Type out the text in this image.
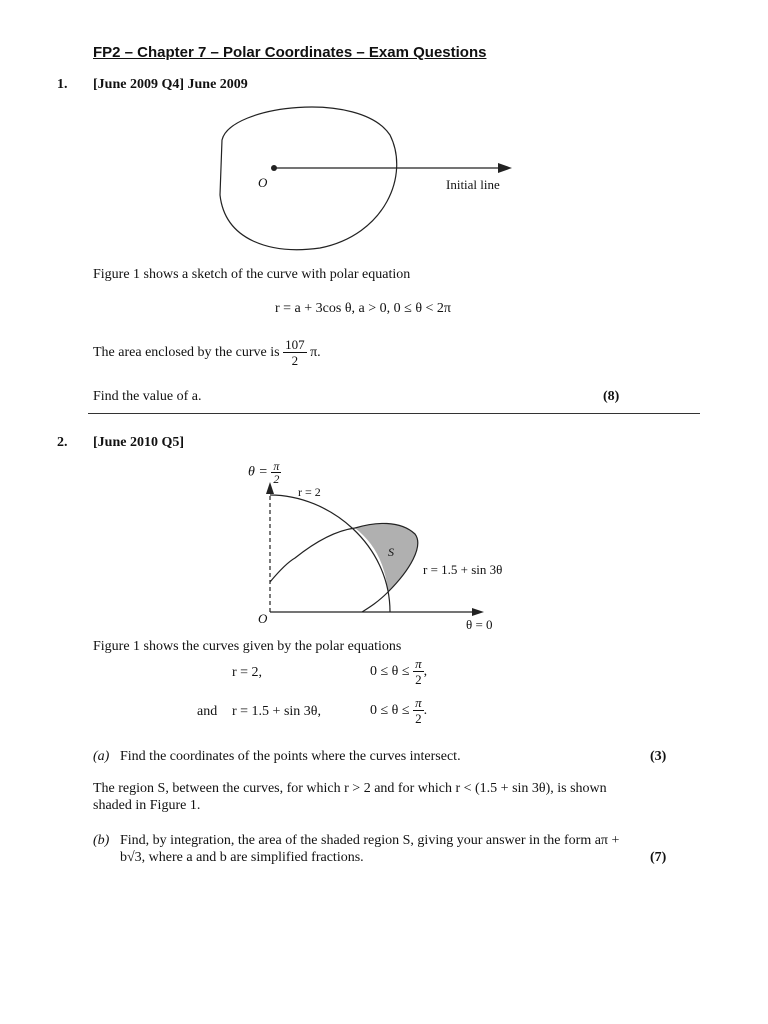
FP2 – Chapter 7 – Polar Coordinates – Exam Questions
1. [June 2009 Q4] June 2009
O	Initial line
Figure 1 shows a sketch of the curve with polar equation
r = a + 3cos θ, a > 0, 0 ≤ θ < 2π
The area enclosed by the curve is $\frac{107}{2} \pi$.
Find the value of a.	(8)
2. [June 2010 Q5]
$\theta = \frac{\pi}{2}$
r = 2
S
r = 1.5 + sin 3θ
O	θ = 0
Figure 1 shows the curves given by the polar equations
r = 2,	$0 \le \theta \le \frac{\pi}{2}$ ,
and r = 1.5 + sin 3θ,	$0 \le \theta \le \frac{\pi}{2}$ .
(a) Find the coordinates of the points where the curves intersect.	(3)
The region S, between the curves, for which r > 2 and for which r < (1.5 + sin 3θ), is shown
shaded in Figure 1.
(b) Find, by integration, the area of the shaded region S, giving your answer in the form aπ +
b√3, where a and b are simplified fractions.	(7)
